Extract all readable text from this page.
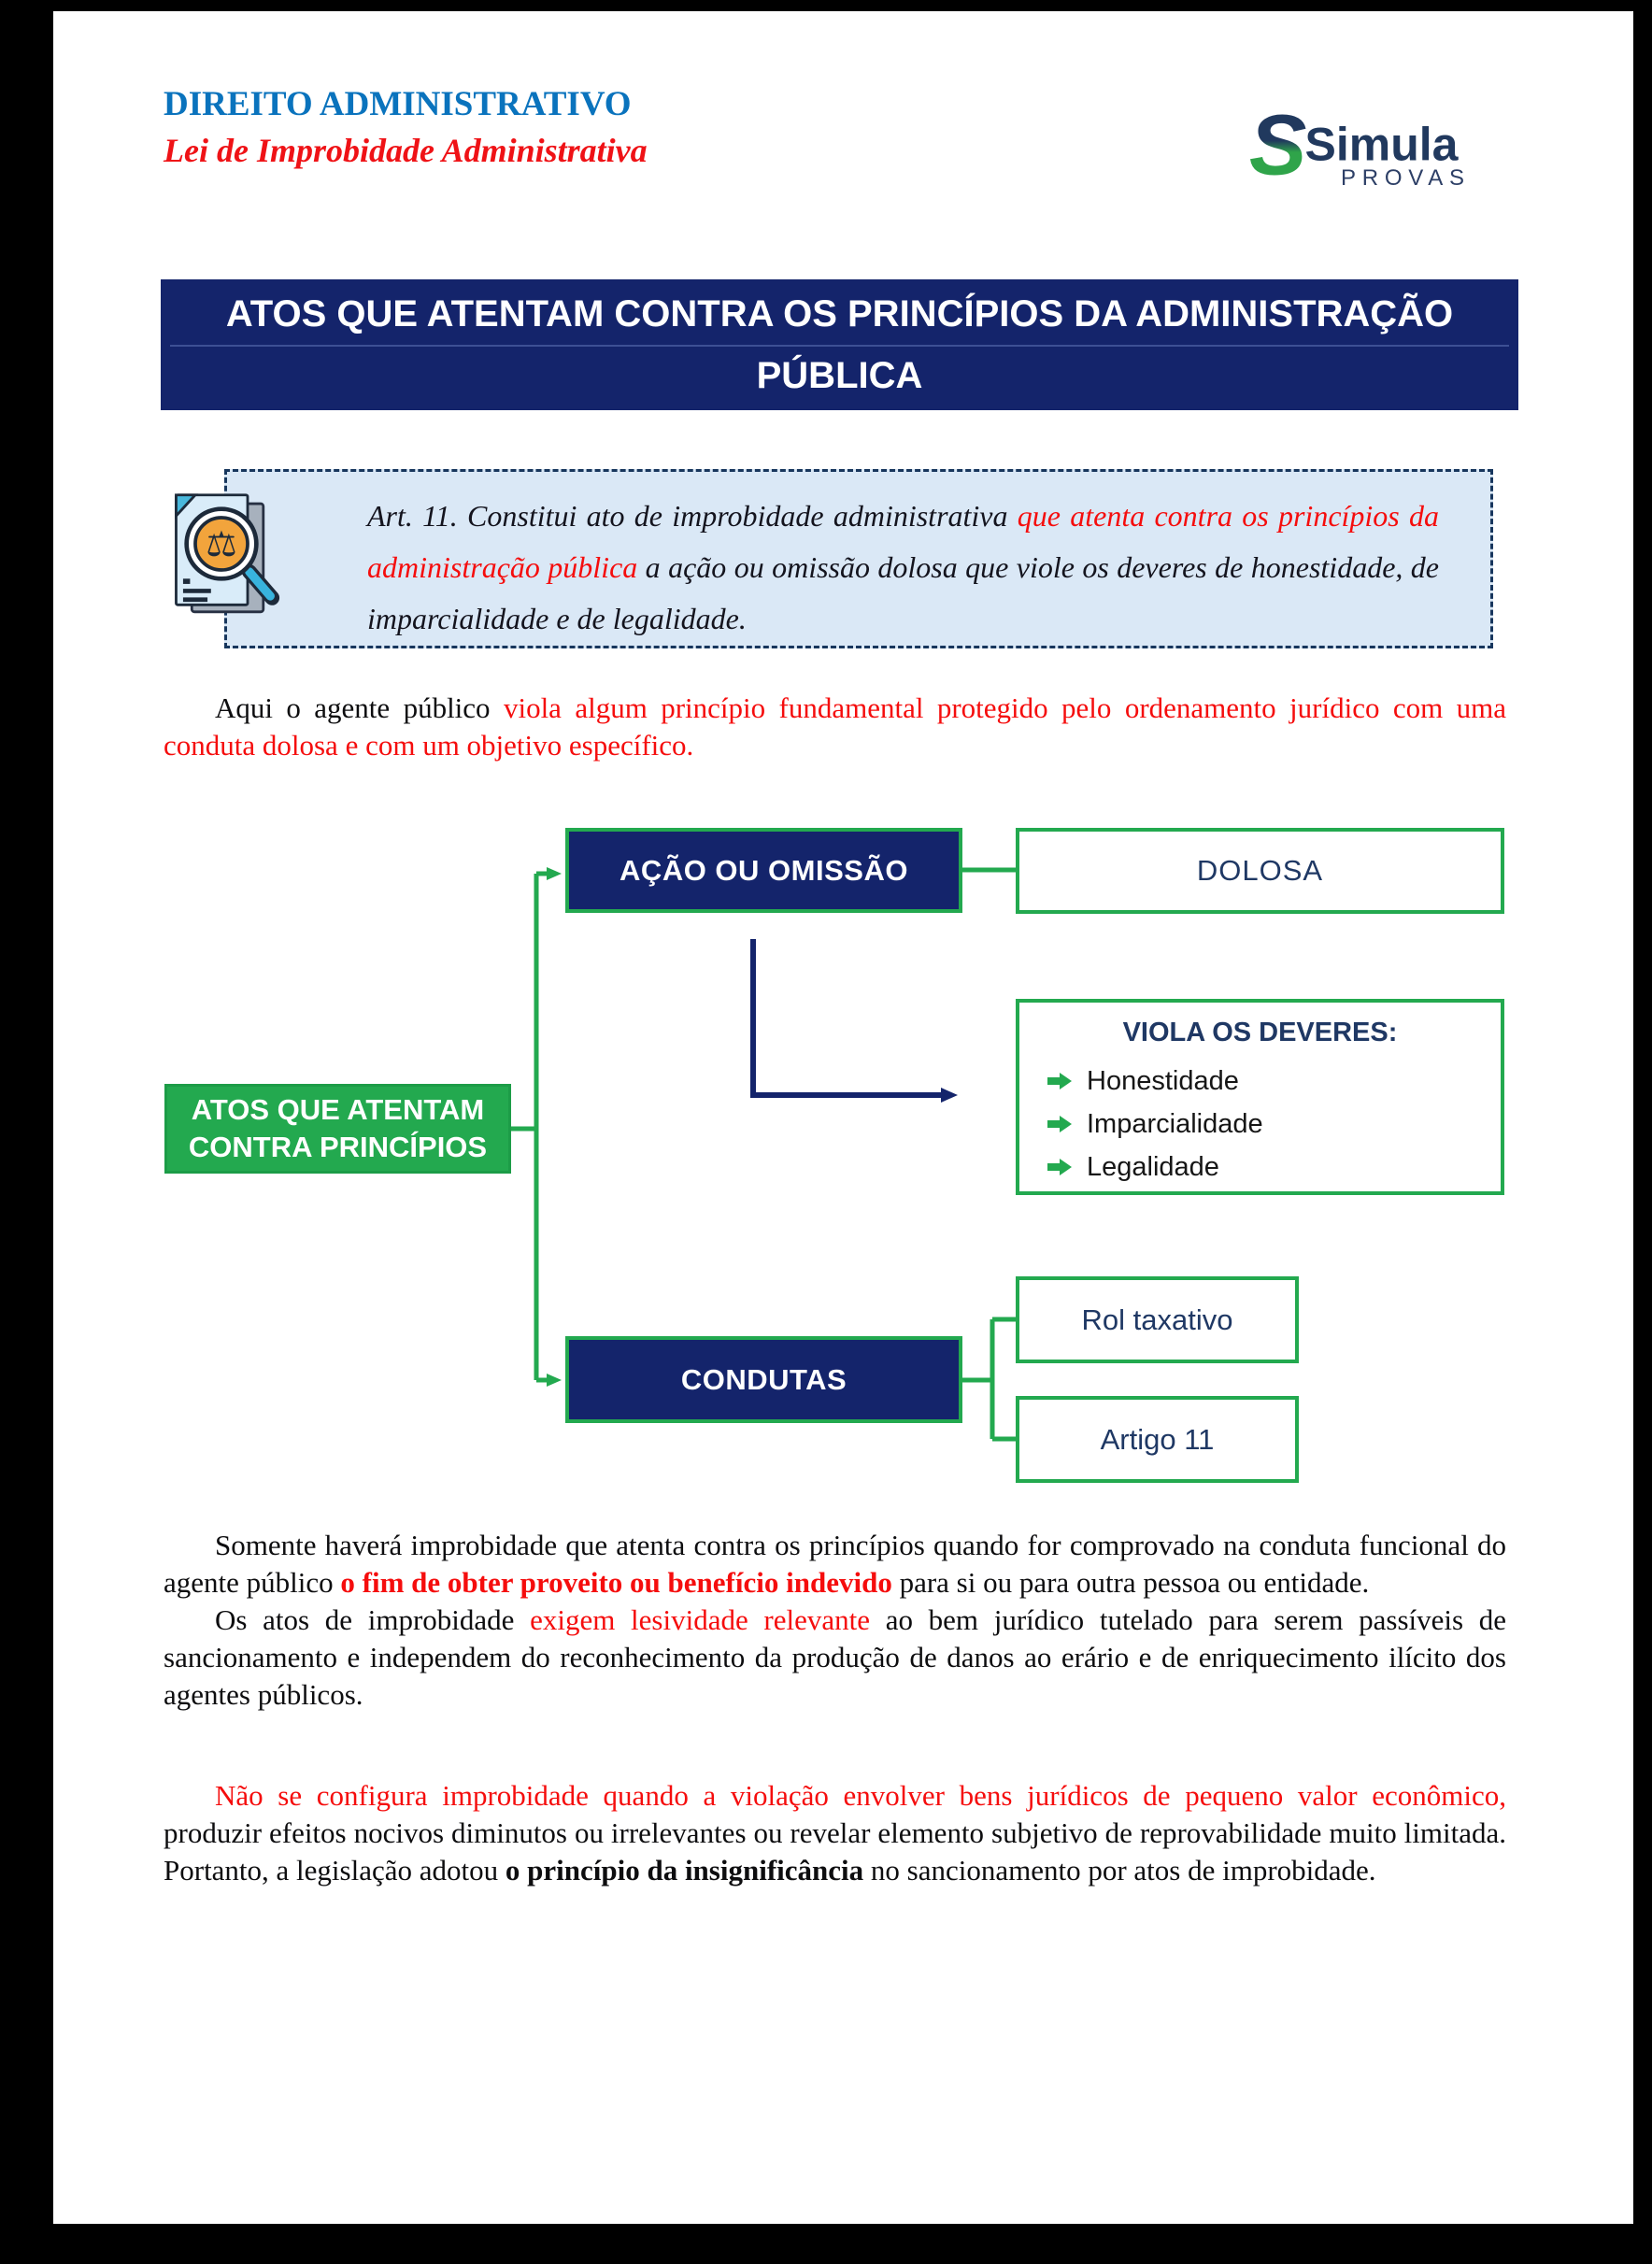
DIREITO ADMINISTRATIVO
Lei de Improbidade Administrativa	S
Simula
PROVAS
ATOS QUE ATENTAM CONTRA OS PRINCÍPIOS DA ADMINISTRAÇÃO PÚBLICA
⚖
Art. 11. Constitui ato de improbidade administrativa que atenta contra os princípios da administração pública a ação ou omissão dolosa que viole os deveres de honestidade, de imparcialidade e de legalidade.

Aqui o agente público viola algum princípio fundamental protegido pelo ordenamento jurídico com uma conduta dolosa e com um objetivo específico.

ATOS QUE ATENTAM CONTRA PRINCÍPIOS
AÇÃO OU OMISSÃO	DOLOSA
VIOLA OS DEVERES:
Honestidade
Imparcialidade
Legalidade
CONDUTAS
Rol taxativo
Artigo 11

Somente haverá improbidade que atenta contra os princípios quando for comprovado na conduta funcional do agente público o fim de obter proveito ou benefício indevido para si ou para outra pessoa ou entidade.

Os atos de improbidade exigem lesividade relevante ao bem jurídico tutelado para serem passíveis de sancionamento e independem do reconhecimento da produção de danos ao erário e de enriquecimento ilícito dos agentes públicos.

Não se configura improbidade quando a violação envolver bens jurídicos de pequeno valor econômico, produzir efeitos nocivos diminutos ou irrelevantes ou revelar elemento subjetivo de reprovabilidade muito limitada. Portanto, a legislação adotou o princípio da insignificância no sancionamento por atos de improbidade.
